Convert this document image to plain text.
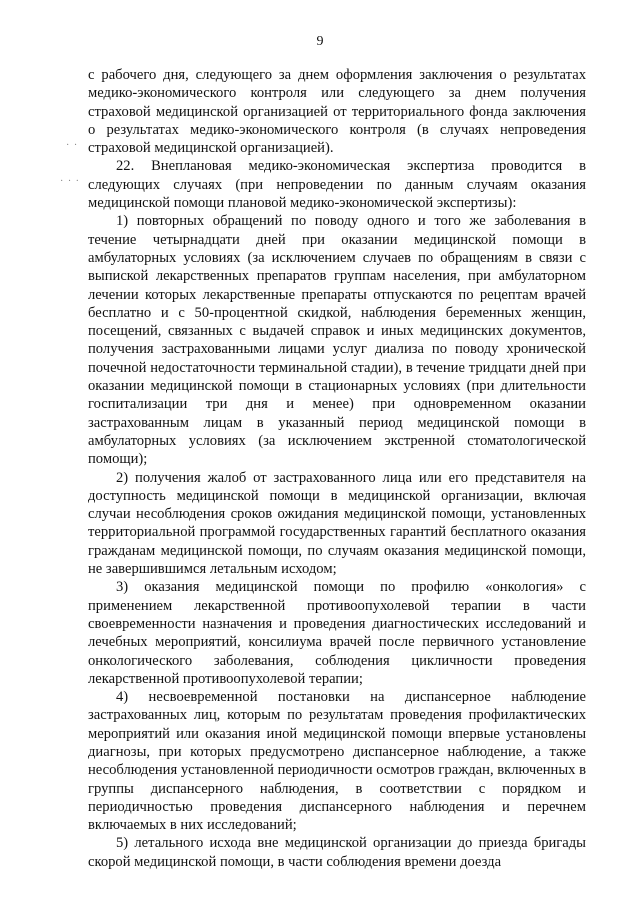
9
· ·
· · ·

с рабочего дня, следующего за днем оформления заключения о результатах медико-экономического контроля или следующего за днем получения страховой медицинской организацией от территориального фонда заключения о результатах медико-экономического контроля (в случаях непроведения страховой медицинской организацией).

22. Внеплановая медико-экономическая экспертиза проводится в следующих случаях (при непроведении по данным случаям оказания медицинской помощи плановой медико-экономической экспертизы):

1) повторных обращений по поводу одного и того же заболевания в течение четырнадцати дней при оказании медицинской помощи в амбулаторных условиях (за исключением случаев по обращениям в связи с выпиской лекарственных препаратов группам населения, при амбулаторном лечении которых лекарственные препараты отпускаются по рецептам врачей бесплатно и с 50-процентной скидкой, наблюдения беременных женщин, посещений, связанных с выдачей справок и иных медицинских документов, получения застрахованными лицами услуг диализа по поводу хронической почечной недостаточности терминальной стадии), в течение тридцати дней при оказании медицинской помощи в стационарных условиях (при длительности госпитализации три дня и менее) при одновременном оказании застрахованным лицам в указанный период медицинской помощи в амбулаторных условиях (за исключением экстренной стоматологической помощи);

2) получения жалоб от застрахованного лица или его представителя на доступность медицинской помощи в медицинской организации, включая случаи несоблюдения сроков ожидания медицинской помощи, установленных территориальной программой государственных гарантий бесплатного оказания гражданам медицинской помощи, по случаям оказания медицинской помощи, не завершившимся летальным исходом;

3) оказания медицинской помощи по профилю «онкология» с применением лекарственной противоопухолевой терапии в части своевременности назначения и проведения диагностических исследований и лечебных мероприятий, консилиума врачей после первичного установление онкологического заболевания, соблюдения цикличности проведения лекарственной противоопухолевой терапии;

4) несвоевременной постановки на диспансерное наблюдение застрахованных лиц, которым по результатам проведения профилактических мероприятий или оказания иной медицинской помощи впервые установлены диагнозы, при которых предусмотрено диспансерное наблюдение, а также несоблюдения установленной периодичности осмотров граждан, включенных в группы диспансерного наблюдения, в соответствии с порядком и периодичностью проведения диспансерного наблюдения и перечнем включаемых в них исследований;

5) летального исхода вне медицинской организации до приезда бригады скорой медицинской помощи, в части соблюдения времени доезда
